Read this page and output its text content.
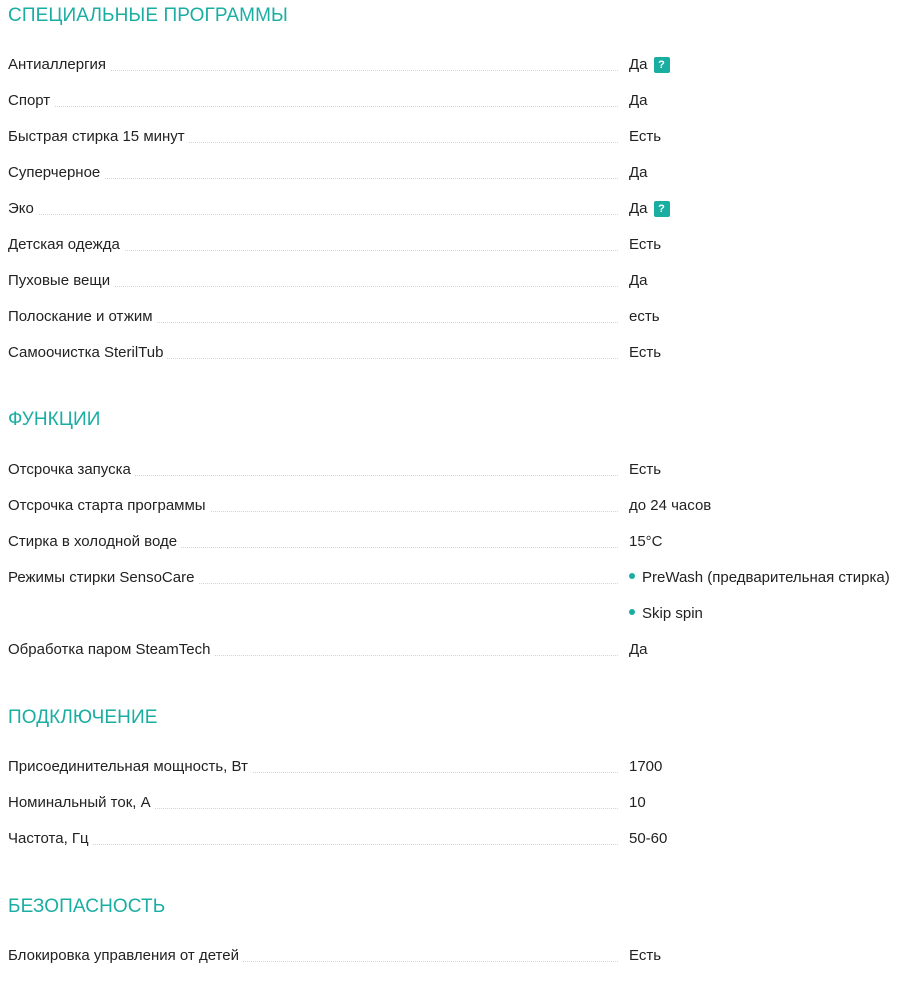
СПЕЦИАЛЬНЫЕ ПРОГРАММЫ
Антиаллергия	Да ?
Спорт	Да
Быстрая стирка 15 минут	Есть
Суперчерное	Да
Эко	Да ?
Детская одежда	Есть
Пуховые вещи	Да
Полоскание и отжим	есть
Самоочистка SterilTub	Есть
ФУНКЦИИ
Отсрочка запуска	Есть
Отсрочка старта программы	до 24 часов
Стирка в холодной воде	15°C
Режимы стирки SensoCare	PreWash (предварительная стирка)
Skip spin
Обработка паром SteamTech	Да
ПОДКЛЮЧЕНИЕ
Присоединительная мощность, Вт	1700
Номинальный ток, А	10
Частота, Гц	50-60
БЕЗОПАСНОСТЬ
Блокировка управления от детей	Есть
